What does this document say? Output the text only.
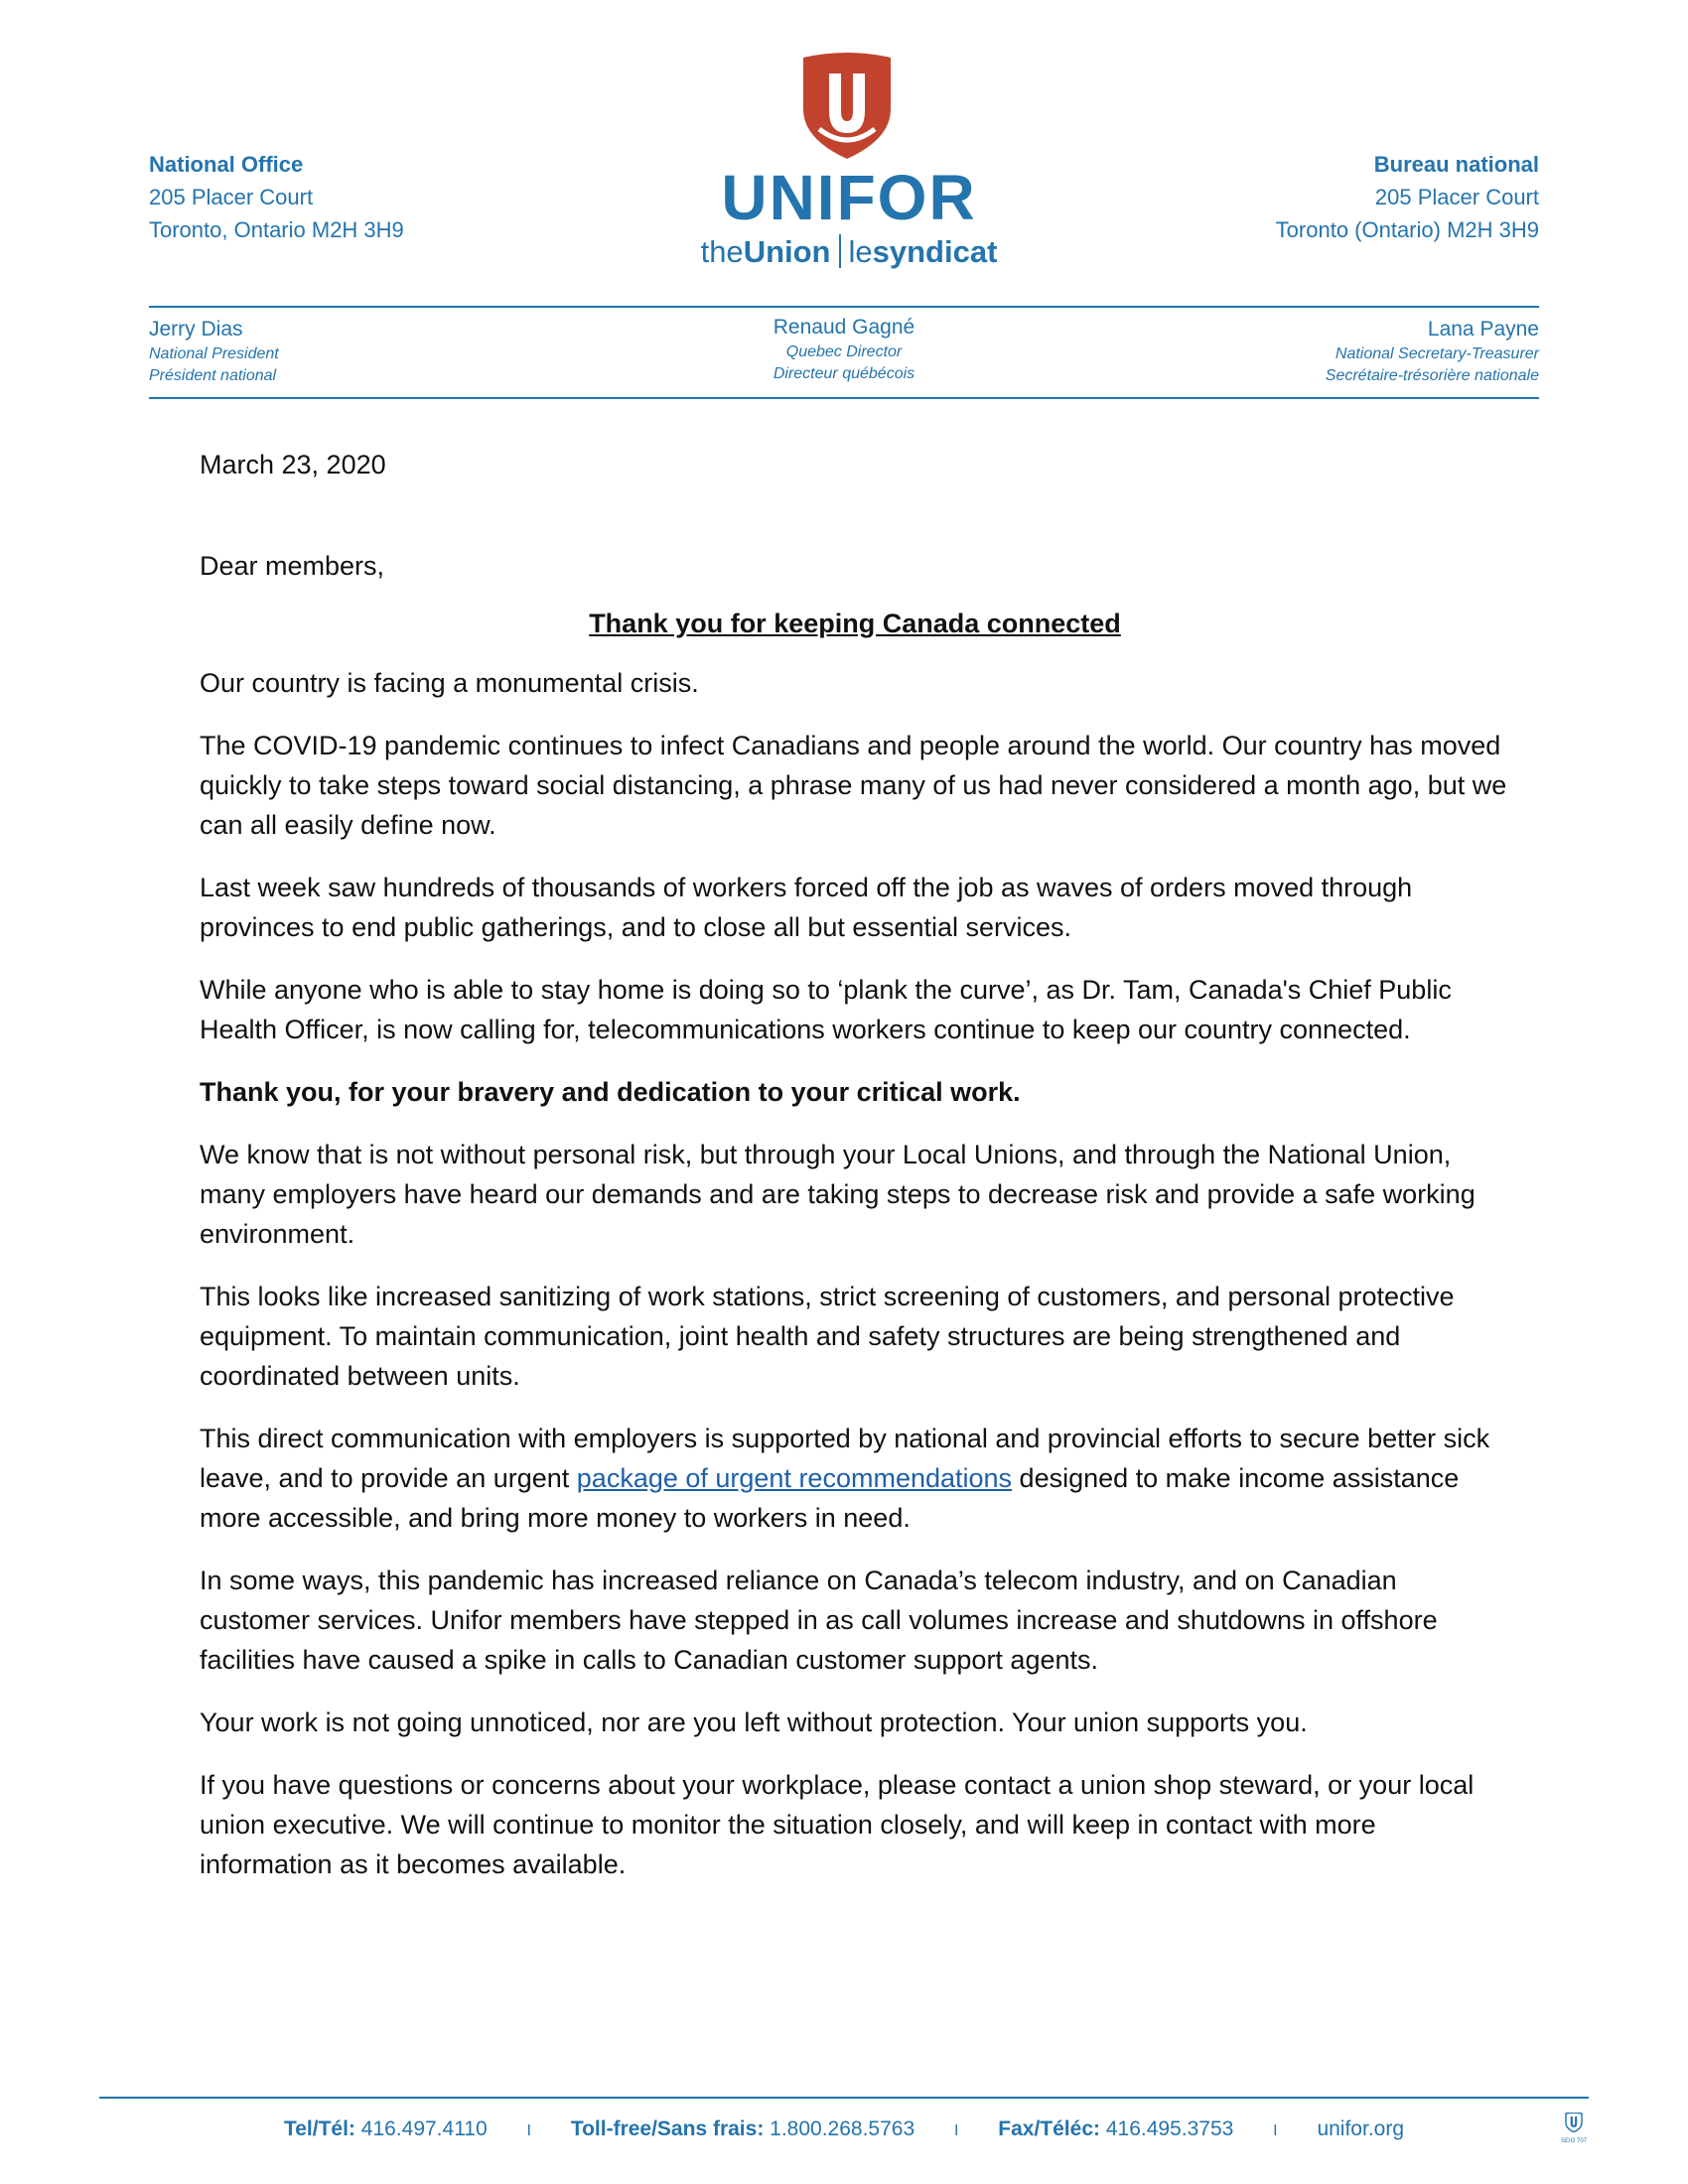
National Office
205 Placer Court
Toronto, Ontario M2H 3H9	UNIFOR
theUnion lesyndicat
Bureau national
205 Placer Court
Toronto (Ontario) M2H 3H9
Jerry Dias
National President
Président national
Renaud Gagné
Quebec Director
Directeur québécois
Lana Payne
National Secretary-Treasurer
Secrétaire-trésorière nationale

March 23, 2020

Dear members,

Thank you for keeping Canada connected

Our country is facing a monumental crisis.

The COVID-19 pandemic continues to infect Canadians and people around the world. Our country has moved quickly to take steps toward social distancing, a phrase many of us had never considered a month ago, but we can all easily define now.

Last week saw hundreds of thousands of workers forced off the job as waves of orders moved through provinces to end public gatherings, and to close all but essential services.

While anyone who is able to stay home is doing so to ‘plank the curve’, as Dr. Tam, Canada's Chief Public Health Officer, is now calling for, telecommunications workers continue to keep our country connected.

Thank you, for your bravery and dedication to your critical work.

We know that is not without personal risk, but through your Local Unions, and through the National Union, many employers have heard our demands and are taking steps to decrease risk and provide a safe working environment.

This looks like increased sanitizing of work stations, strict screening of customers, and personal protective equipment. To maintain communication, joint health and safety structures are being strengthened and coordinated between units.

This direct communication with employers is supported by national and provincial efforts to secure better sick leave, and to provide an urgent package of urgent recommendations designed to make income assistance more accessible, and bring more money to workers in need.

In some ways, this pandemic has increased reliance on Canada’s telecom industry, and on Canadian customer services. Unifor members have stepped in as call volumes increase and shutdowns in offshore facilities have caused a spike in calls to Canadian customer support agents.

Your work is not going unnoticed, nor are you left without protection. Your union supports you.

If you have questions or concerns about your workplace, please contact a union shop steward, or your local union executive. We will continue to monitor the situation closely, and will keep in contact with more information as it becomes available.

Tel/Tél: 416.497.4110 I Toll-free/Sans frais: 1.800.268.5763 I Fax/Téléc: 416.495.3753 I unifor.org
SEIG 707
